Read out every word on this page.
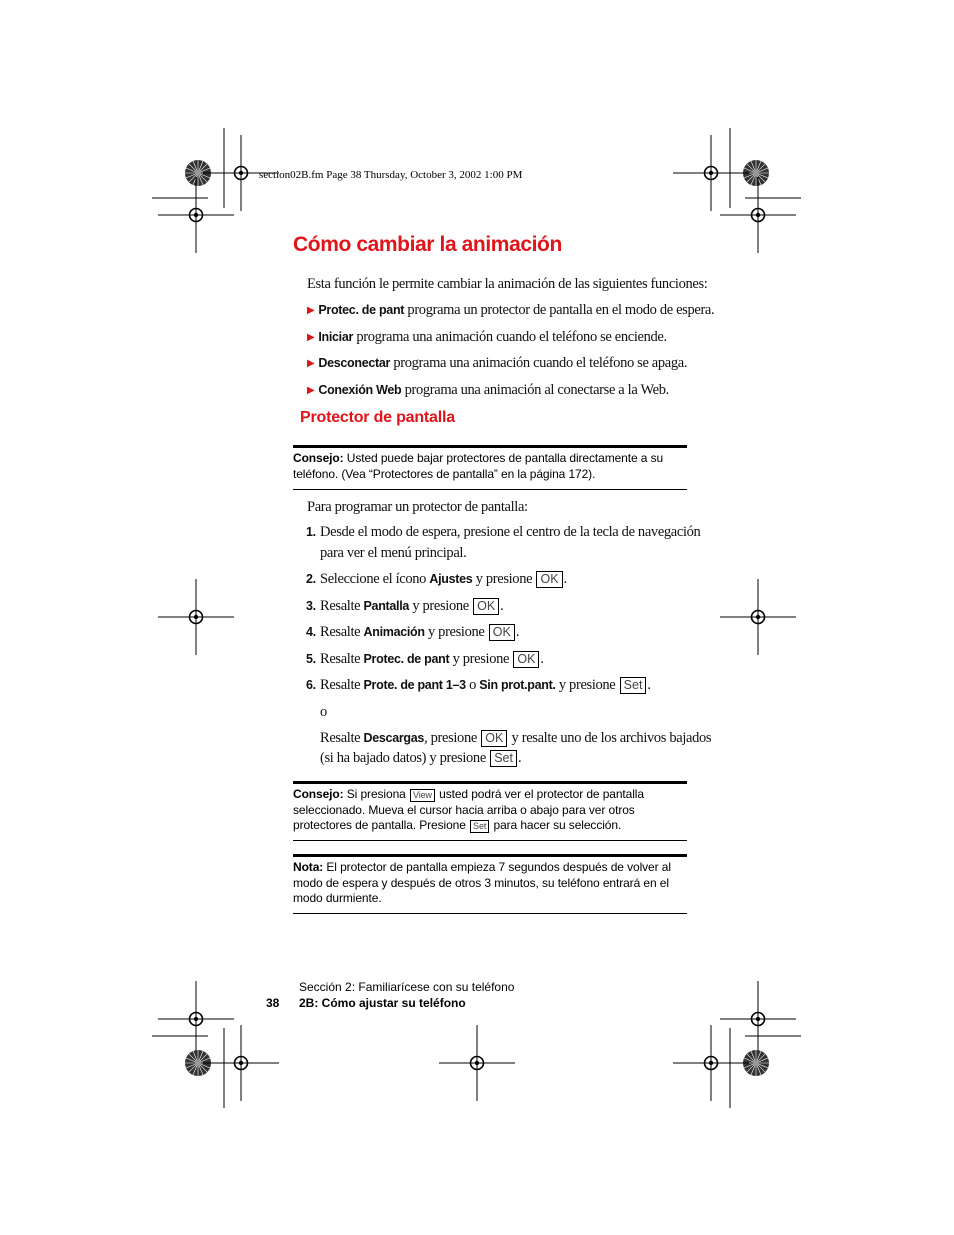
section02B.fm Page 38 Thursday, October 3, 2002 1:00 PM
Cómo cambiar la animación
Esta función le permite cambiar la animación de las siguientes funciones:
▶ Protec. de pant programa un protector de pantalla en el modo de espera.
▶ Iniciar programa una animación cuando el teléfono se enciende.
▶ Desconectar programa una animación cuando el teléfono se apaga.
▶ Conexión Web programa una animación al conectarse a la Web.
Protector de pantalla
Consejo: Usted puede bajar protectores de pantalla directamente a su teléfono. (Vea “Protectores de pantalla” en la página 172).
Para programar un protector de pantalla:
1. Desde el modo de espera, presione el centro de la tecla de navegación
para ver el menú principal.
2. Seleccione el ícono Ajustes y presione OK .
3. Resalte Pantalla y presione OK .
4. Resalte Animación y presione OK .
5. Resalte Protec. de pant y presione OK .
6. Resalte Prote. de pant 1–3 o Sin prot.pant. y presione Set .
o
Resalte Descargas, presione OK y resalte uno de los archivos bajados
(si ha bajado datos) y presione Set .
Consejo: Si presiona View usted podrá ver el protector de pantalla seleccionado. Mueva el cursor hacia arriba o abajo para ver otros protectores de pantalla. Presione Set para hacer su selección.
Nota: El protector de pantalla empieza 7 segundos después de volver al modo de espera y después de otros 3 minutos, su teléfono entrará en el modo durmiente.
Sección 2: Familiarícese con su teléfono
38 2B: Cómo ajustar su teléfono
